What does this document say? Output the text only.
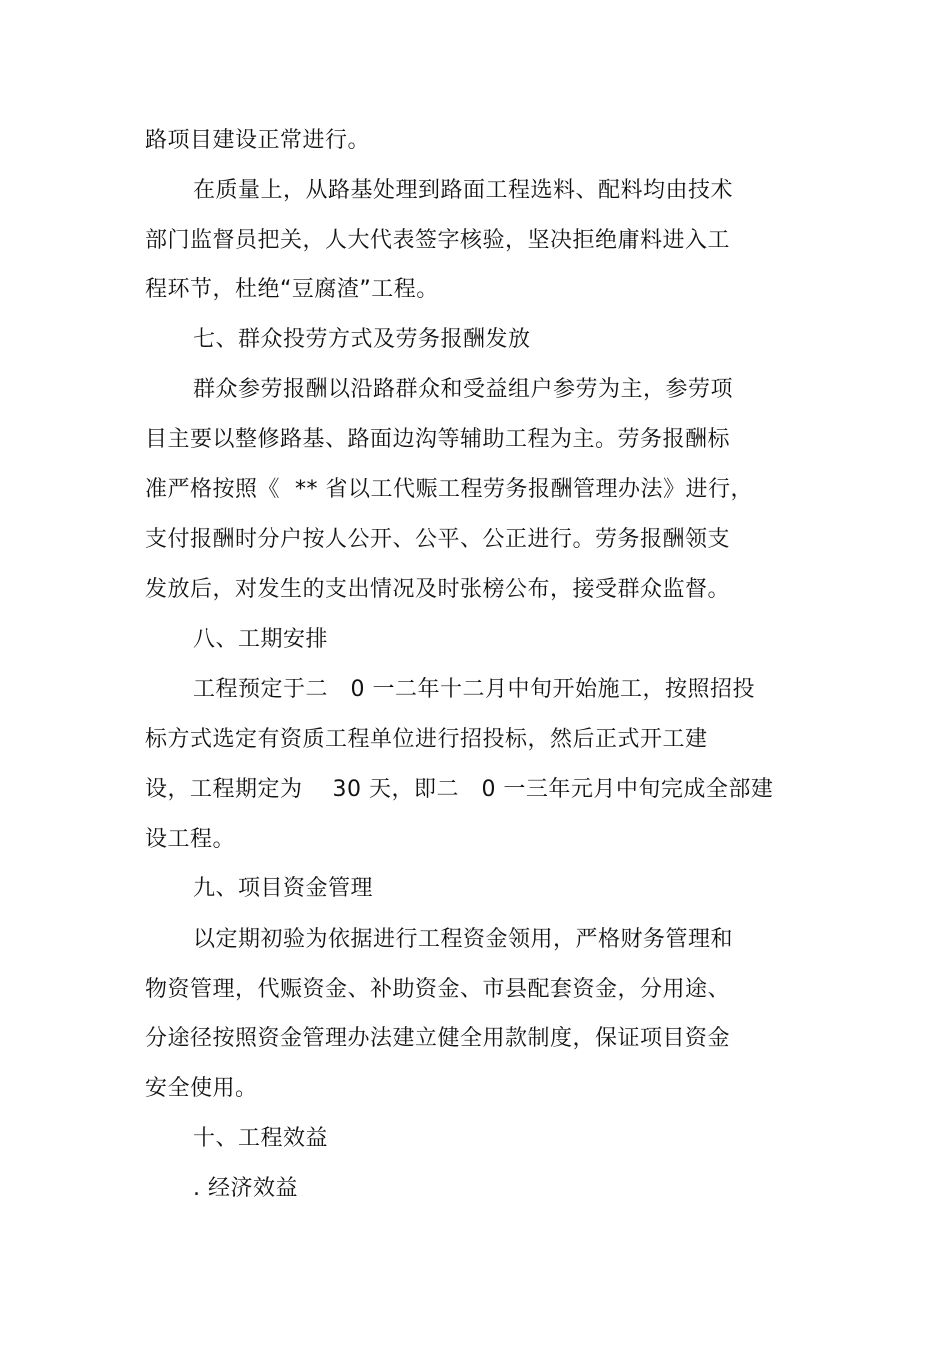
路项目建设正常进行。
在质量上，从路基处理到路面工程选料、配料均由技术
部门监督员把关，人大代表签字核验，坚决拒绝庸料进入工
程环节，杜绝“豆腐渣”工程。
七、群众投劳方式及劳务报酬发放
群众参劳报酬以沿路群众和受益组户参劳为主，参劳项
目主要以整修路基、路面边沟等辅助工程为主。劳务报酬标
准严格按照《  ** 省以工代赈工程劳务报酬管理办法》进行，
支付报酬时分户按人公开、公平、公正进行。劳务报酬领支
发放后，对发生的支出情况及时张榜公布，接受群众监督。
八、工期安排
工程预定于二   0 一二年十二月中旬开始施工，按照招投
标方式选定有资质工程单位进行招投标，然后正式开工建
设，工程期定为    30 天，即二   0 一三年元月中旬完成全部建
设工程。
九、项目资金管理
以定期初验为依据进行工程资金领用，严格财务管理和
物资管理，代赈资金、补助资金、市县配套资金，分用途、
分途径按照资金管理办法建立健全用款制度，保证项目资金
安全使用。
十、工程效益
. 经济效益
